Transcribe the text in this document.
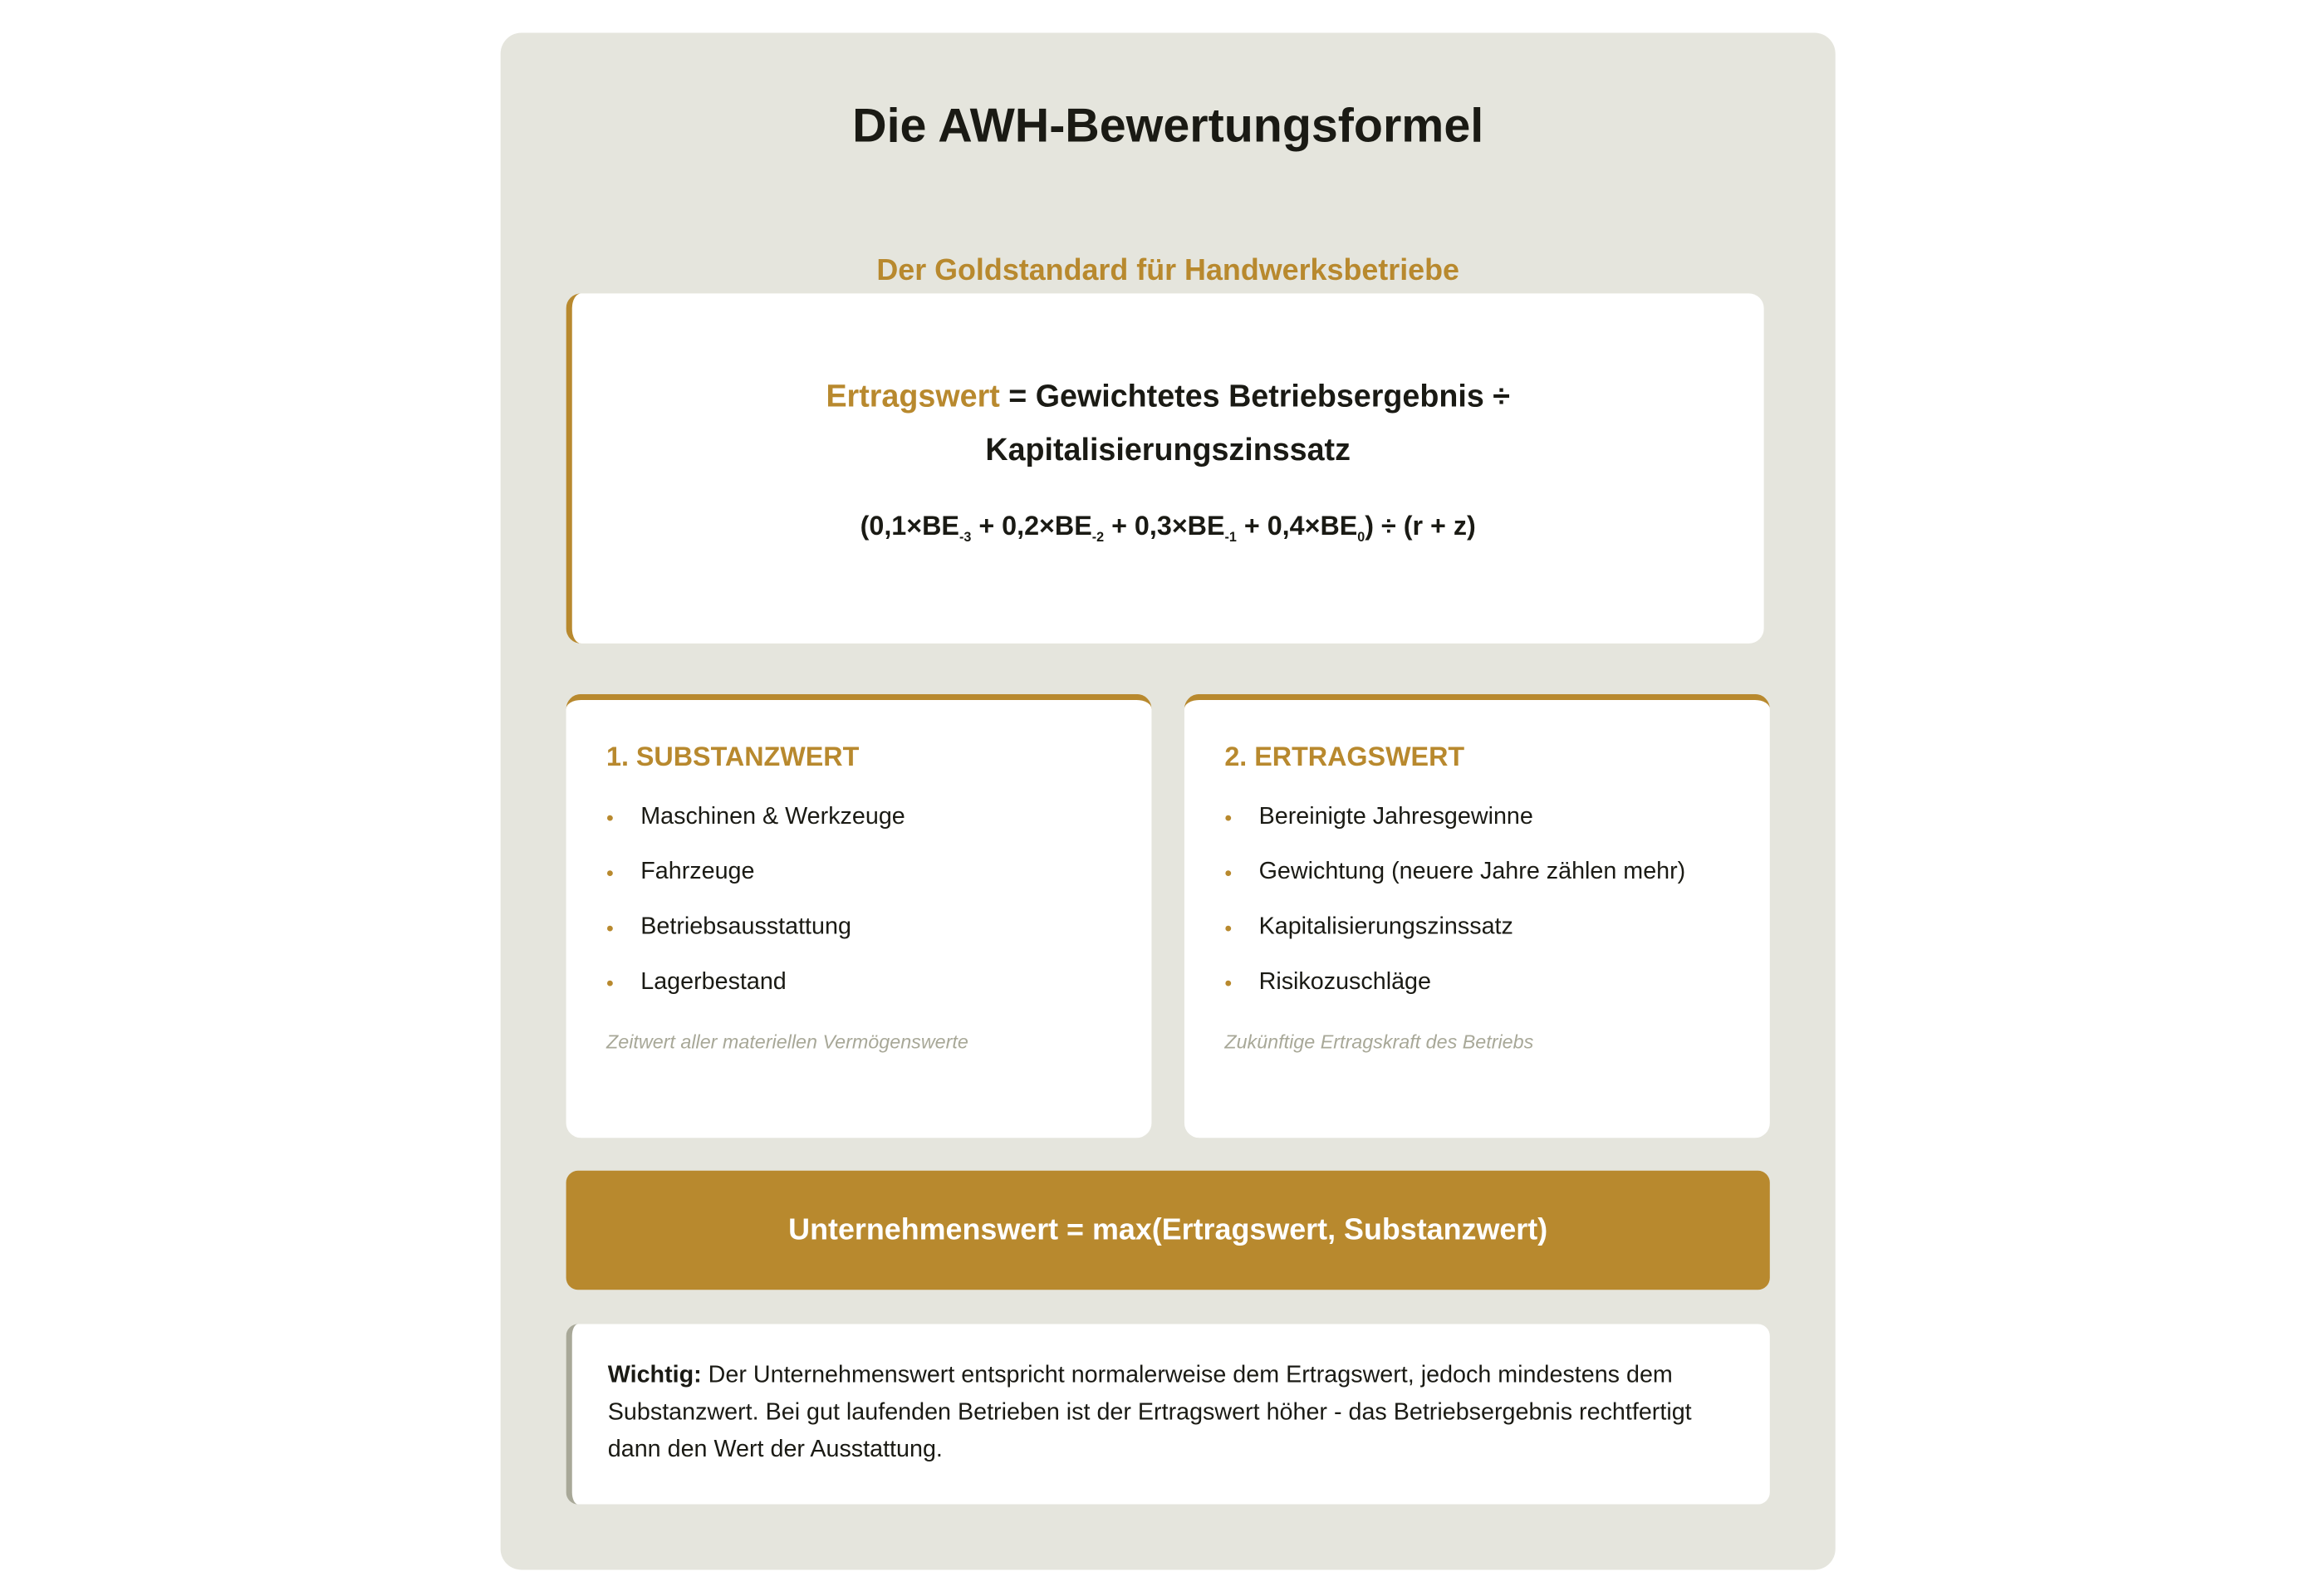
Die AWH-Bewertungsformel
Der Goldstandard für Handwerksbetriebe
Ertragswert = Gewichtetes Betriebsergebnis ÷ Kapitalisierungszinssatz
$(0,1\times BE_{-3} + 0,2\times BE_{-2} + 0,3\times BE_{-1} + 0,4\times BE_0) \div (r + z)$
1. SUBSTANZWERT
• Maschinen & Werkzeuge
• Fahrzeuge
• Betriebsausstattung
• Lagerbestand
Zeitwert aller materiellen Vermögenswerte
2. ERTRAGSWERT
• Bereinigte Jahresgewinne
• Gewichtung (neuere Jahre zählen mehr)
• Kapitalisierungszinssatz
• Risikozuschläge
Zukünftige Ertragskraft des Betriebs
Unternehmenswert = max(Ertragswert, Substanzwert)
Wichtig: Der Unternehmenswert entspricht normalerweise dem Ertragswert, jedoch mindestens dem Substanzwert. Bei gut laufenden Betrieben ist der Ertragswert höher - das Betriebsergebnis rechtfertigt dann den Wert der Ausstattung.
